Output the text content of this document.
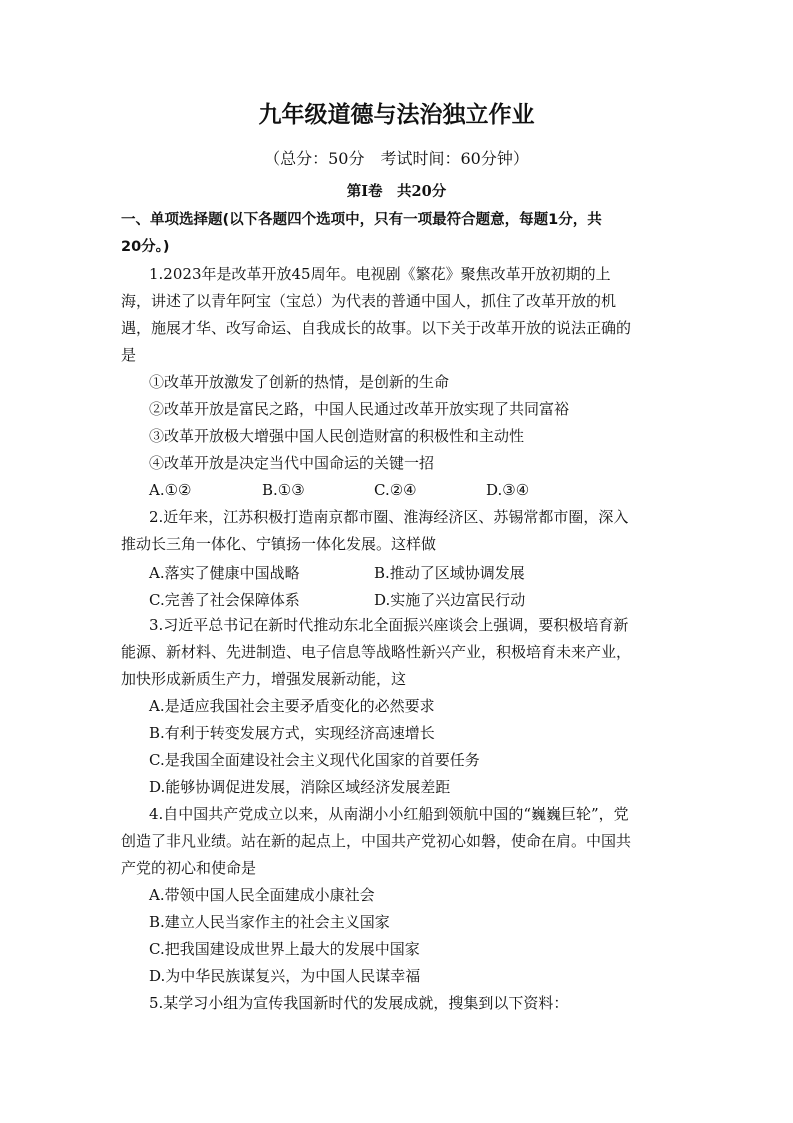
九年级道德与法治独立作业
（总分：50分　考试时间：60分钟）
第Ⅰ卷　共20分
一、单项选择题(以下各题四个选项中，只有一项最符合题意，每题1分，共
20分。)
1.2023年是改革开放45周年。电视剧《繁花》聚焦改革开放初期的上
海，讲述了以青年阿宝（宝总）为代表的普通中国人，抓住了改革开放的机
遇，施展才华、改写命运、自我成长的故事。以下关于改革开放的说法正确的
是
①改革开放激发了创新的热情，是创新的生命
②改革开放是富民之路，中国人民通过改革开放实现了共同富裕
③改革开放极大增强中国人民创造财富的积极性和主动性
④改革开放是决定当代中国命运的关键一招
A.①②	B.①③	C.②④	D.③④
2.近年来，江苏积极打造南京都市圈、淮海经济区、苏锡常都市圈，深入
推动长三角一体化、宁镇扬一体化发展。这样做
A.落实了健康中国战略	B.推动了区域协调发展
C.完善了社会保障体系	D.实施了兴边富民行动
3.习近平总书记在新时代推动东北全面振兴座谈会上强调，要积极培育新
能源、新材料、先进制造、电子信息等战略性新兴产业，积极培育未来产业，
加快形成新质生产力，增强发展新动能，这
A.是适应我国社会主要矛盾变化的必然要求
B.有利于转变发展方式，实现经济高速增长
C.是我国全面建设社会主义现代化国家的首要任务
D.能够协调促进发展，消除区域经济发展差距
4.自中国共产党成立以来，从南湖小小红船到领航中国的“巍巍巨轮”，党
创造了非凡业绩。站在新的起点上，中国共产党初心如磐，使命在肩。中国共
产党的初心和使命是
A.带领中国人民全面建成小康社会
B.建立人民当家作主的社会主义国家
C.把我国建设成世界上最大的发展中国家
D.为中华民族谋复兴，为中国人民谋幸福
5.某学习小组为宣传我国新时代的发展成就，搜集到以下资料：
